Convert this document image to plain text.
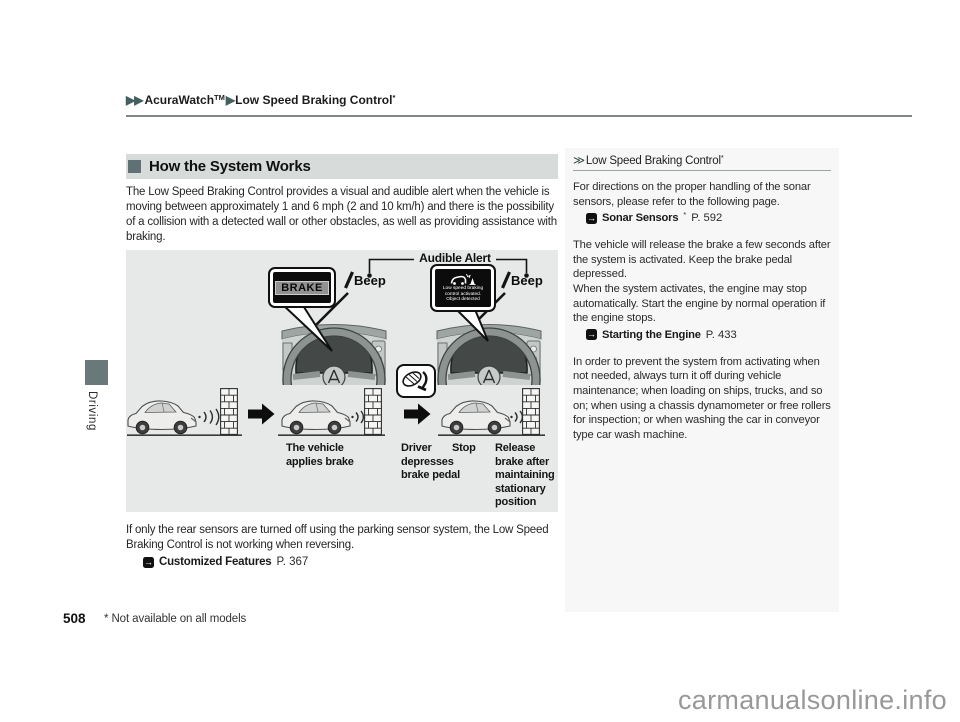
▶▶ AcuraWatch™▶Low Speed Braking Control*
Driving
How the System Works

The Low Speed Braking Control provides a visual and audible alert when the vehicle is moving between approximately 1 and 6 mph (2 and 10 km/h) and there is the possibility of a collision with a detected wall or other obstacles, as well as providing assistance with braking.

BRAKE	Low speed braking
control activated.
Object detected
Audible Alert
Beep	Beep
The vehicle applies brake
Driver depresses brake pedal
Stop	Release brake after maintaining stationary position

If only the rear sensors are turned off using the parking sensor system, the Low Speed Braking Control is not working when reversing.

→ Customized Features P. 367
≫Low Speed Braking Control*

For directions on the proper handling of the sonar sensors, please refer to the following page.

→ Sonar Sensors * P. 592

The vehicle will release the brake a few seconds after the system is activated. Keep the brake pedal depressed.

When the system activates, the engine may stop automatically. Start the engine by normal operation if the engine stops.

→ Starting the Engine P. 433

In order to prevent the system from activating when not needed, always turn it off during vehicle maintenance; when loading on ships, trucks, and so on; when using a chassis dynamometer or free rollers for inspection; or when washing the car in conveyor type car wash machine.

508 * Not available on all models
carmanualsonline.info
